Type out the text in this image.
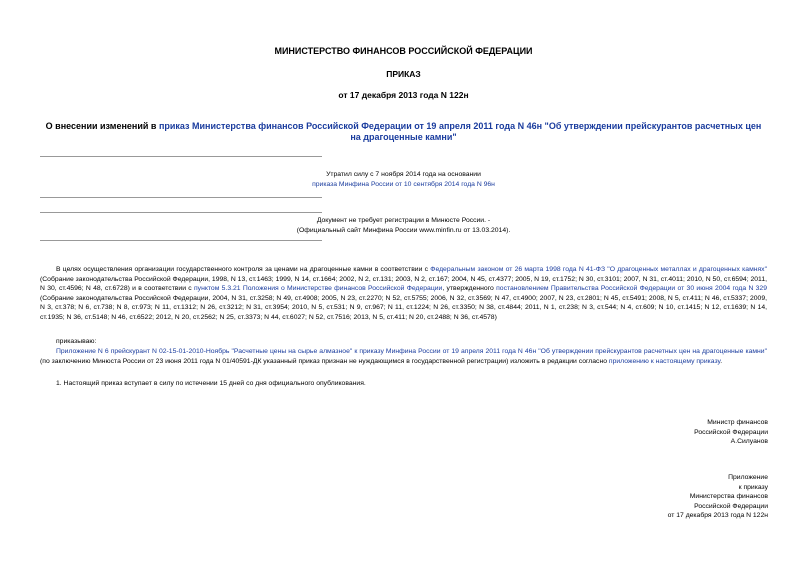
МИНИСТЕРСТВО ФИНАНСОВ РОССИЙСКОЙ ФЕДЕРАЦИИ
ПРИКАЗ
от 17 декабря 2013 года N 122н
О внесении изменений в приказ Министерства финансов Российской Федерации от 19 апреля 2011 года N 46н "Об утверждении прейскурантов расчетных цен на драгоценные камни"
Утратил силу с 7 ноября 2014 года на основании
приказа Минфина России от 10 сентября 2014 года N 96н
Документ не требует регистрации в Минюсте России. -
(Официальный сайт Минфина России www.minfin.ru от 13.03.2014).
В целях осуществления организации государственного контроля за ценами на драгоценные камни в соответствии с Федеральным законом от 26 марта 1998 года N 41-ФЗ "О драгоценных металлах и драгоценных камнях" (Собрание законодательства Российской Федерации, 1998, N 13, ст.1463; 1999, N 14, ст.1664; 2002, N 2, ст.131; 2003, N 2, ст.167; 2004, N 45, ст.4377; 2005, N 19, ст.1752; N 30, ст.3101; 2007, N 31, ст.4011; 2010, N 50, ст.6594; 2011, N 30, ст.4596; N 48, ст.6728) и в соответствии с пунктом 5.3.21 Положения о Министерстве финансов Российской Федерации, утвержденного постановлением Правительства Российской Федерации от 30 июня 2004 года N 329 (Собрание законодательства Российской Федерации, 2004, N 31, ст.3258; N 49, ст.4908; 2005, N 23, ст.2270; N 52, ст.5755; 2006, N 32, ст.3569; N 47, ст.4900; 2007, N 23, ст.2801; N 45, ст.5491; 2008, N 5, ст.411; N 46, ст.5337; 2009, N 3, ст.378; N 6, ст.738; N 8, ст.973; N 11, ст.1312; N 26, ст.3212; N 31, ст.3954; 2010, N 5, ст.531; N 9, ст.967; N 11, ст.1224; N 26, ст.3350; N 38, ст.4844; 2011, N 1, ст.238; N 3, ст.544; N 4, ст.609; N 10, ст.1415; N 12, ст.1639; N 14, ст.1935; N 36, ст.5148; N 46, ст.6522; 2012, N 20, ст.2562; N 25, ст.3373; N 44, ст.6027; N 52, ст.7516; 2013, N 5, ст.411; N 20, ст.2488; N 36, ст.4578)
приказываю:
Приложение N 6 прейскурант N 02-15-01-2010-Ноябрь "Расчетные цены на сырье алмазное" к приказу Минфина России от 19 апреля 2011 года N 46н "Об утверждении прейскурантов расчетных цен на драгоценные камни" (по заключению Минюста России от 23 июня 2011 года N 01/40591-ДК указанный приказ признан не нуждающимся в государственной регистрации) изложить в редакции согласно приложению к настоящему приказу.
1. Настоящий приказ вступает в силу по истечении 15 дней со дня официального опубликования.
Министр финансов
Российской Федерации
А.Силуанов
Приложение
к приказу
Министерства финансов
Российской Федерации
от 17 декабря 2013 года N 122н
